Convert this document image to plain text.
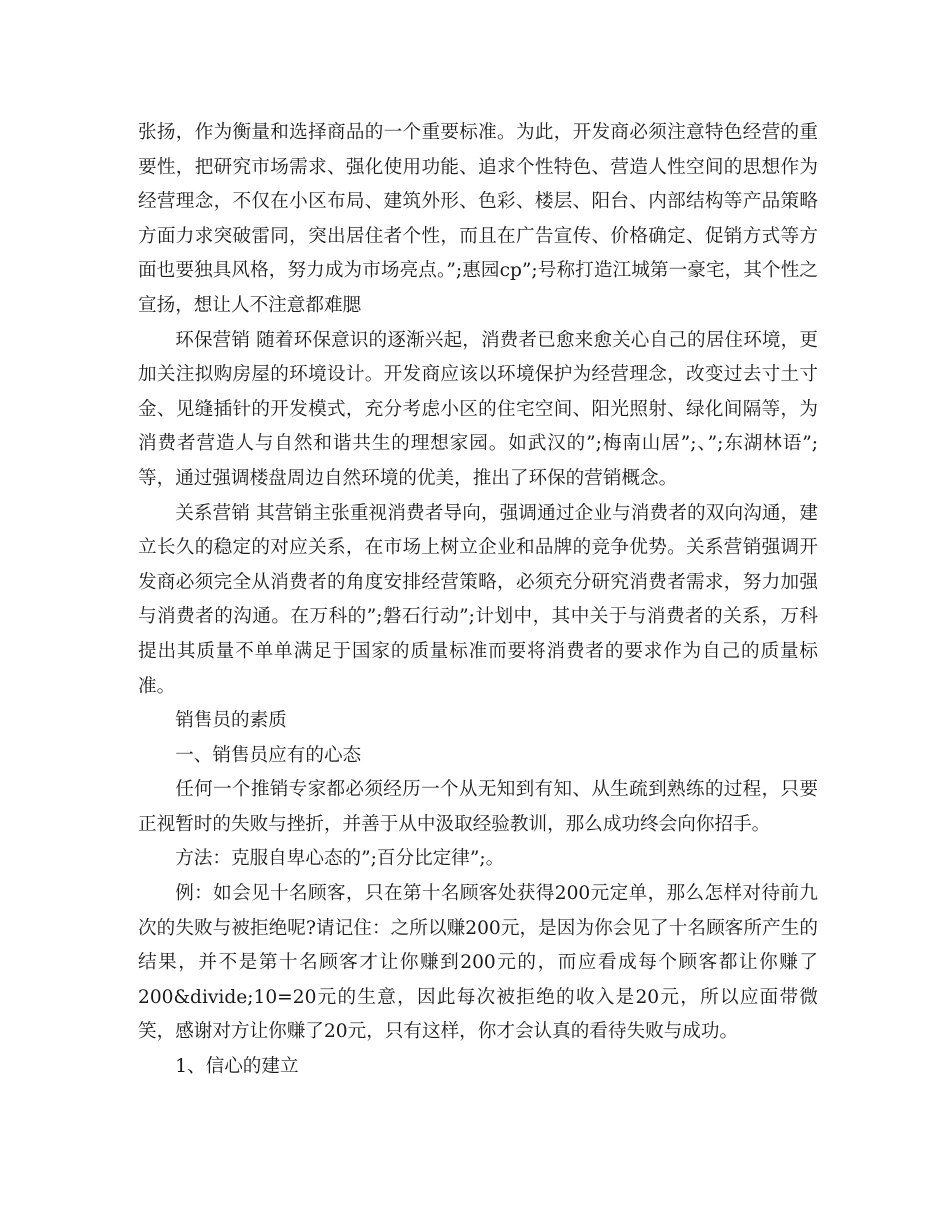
张扬，作为衡量和选择商品的一个重要标准。为此，开发商必须注意特色经营的重要性，把研究市场需求、强化使用功能、追求个性特色、营造人性空间的思想作为经营理念，不仅在小区布局、建筑外形、色彩、楼层、阳台、内部结构等产品策略方面力求突破雷同，突出居住者个性，而且在广告宣传、价格确定、促销方式等方面也要独具风格，努力成为市场亮点。”;惠园cp”;号称打造江城第一豪宅，其个性之宣扬，想让人不注意都难腮

环保营销 随着环保意识的逐渐兴起，消费者已愈来愈关心自己的居住环境，更加关注拟购房屋的环境设计。开发商应该以环境保护为经营理念，改变过去寸土寸金、见缝插针的开发模式，充分考虑小区的住宅空间、阳光照射、绿化间隔等，为消费者营造人与自然和谐共生的理想家园。如武汉的”;梅南山居”;、”;东湖林语”;等，通过强调楼盘周边自然环境的优美，推出了环保的营销概念。

关系营销 其营销主张重视消费者导向，强调通过企业与消费者的双向沟通，建立长久的稳定的对应关系，在市场上树立企业和品牌的竞争优势。关系营销强调开发商必须完全从消费者的角度安排经营策略，必须充分研究消费者需求，努力加强与消费者的沟通。在万科的”;磐石行动”;计划中，其中关于与消费者的关系，万科提出其质量不单单满足于国家的质量标准而要将消费者的要求作为自己的质量标准。

销售员的素质

一、销售员应有的心态

任何一个推销专家都必须经历一个从无知到有知、从生疏到熟练的过程，只要正视暂时的失败与挫折，并善于从中汲取经验教训，那么成功终会向你招手。

方法：克服自卑心态的”;百分比定律”;。

例：如会见十名顾客，只在第十名顾客处获得200元定单，那么怎样对待前九次的失败与被拒绝呢?请记住：之所以赚200元，是因为你会见了十名顾客所产生的结果，并不是第十名顾客才让你赚到200元的，而应看成每个顾客都让你赚了200&divide;10=20元的生意，因此每次被拒绝的收入是20元，所以应面带微笑，感谢对方让你赚了20元，只有这样，你才会认真的看待失败与成功。

1、信心的建立
